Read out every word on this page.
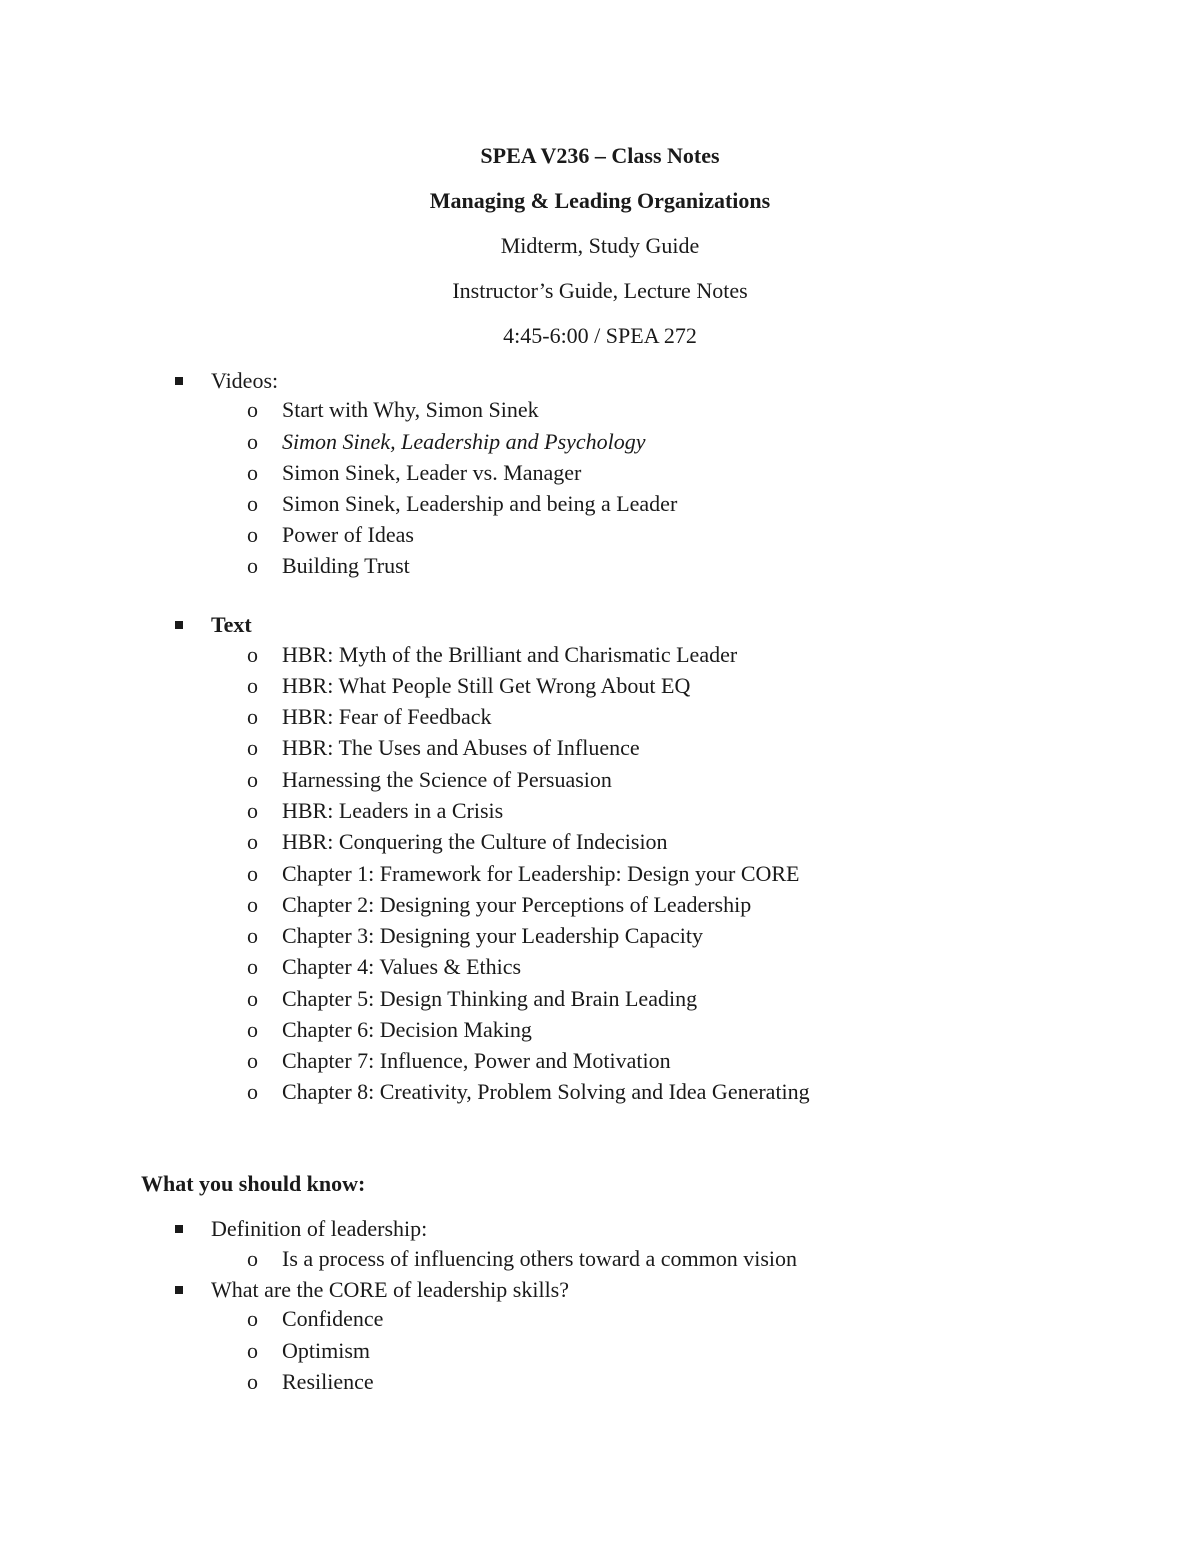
SPEA V236 – Class Notes
Managing & Leading Organizations
Midterm, Study Guide
Instructor’s Guide, Lecture Notes
4:45-6:00 / SPEA 272
Videos:
o Start with Why, Simon Sinek
o Simon Sinek, Leadership and Psychology
o Simon Sinek, Leader vs. Manager
o Simon Sinek, Leadership and being a Leader
o Power of Ideas
o Building Trust
Text
o HBR: Myth of the Brilliant and Charismatic Leader
o HBR: What People Still Get Wrong About EQ
o HBR: Fear of Feedback
o HBR: The Uses and Abuses of Influence
o Harnessing the Science of Persuasion
o HBR: Leaders in a Crisis
o HBR: Conquering the Culture of Indecision
o Chapter 1: Framework for Leadership: Design your CORE
o Chapter 2: Designing your Perceptions of Leadership
o Chapter 3: Designing your Leadership Capacity
o Chapter 4: Values & Ethics
o Chapter 5: Design Thinking and Brain Leading
o Chapter 6: Decision Making
o Chapter 7: Influence, Power and Motivation
o Chapter 8: Creativity, Problem Solving and Idea Generating
What you should know:
Definition of leadership:
o Is a process of influencing others toward a common vision
What are the CORE of leadership skills?
o Confidence
o Optimism
o Resilience
